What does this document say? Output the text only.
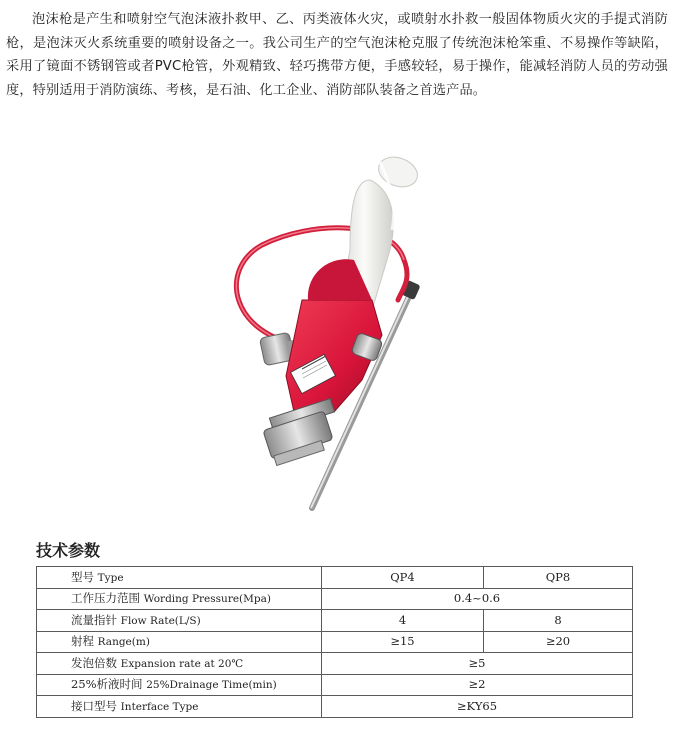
泡沫枪是产生和喷射空气泡沫液扑救甲、乙、丙类液体火灾，或喷射水扑救一般固体物质火灾的手提式消防枪，是泡沫灭火系统重要的喷射设备之一。我公司生产的空气泡沫枪克服了传统泡沫枪笨重、不易操作等缺陷，采用了镜面不锈钢管或者PVC枪管，外观精致、轻巧携带方便，手感较轻，易于操作，能减轻消防人员的劳动强度，特别适用于消防演练、考核，是石油、化工企业、消防部队装备之首选产品。

技术参数
型号 Type	QP4	QP8
工作压力范围 Wording Pressure(Mpa)	0.4~0.6	
流量指针 Flow Rate(L/S)	4	8
射程 Range(m)	≥15	≥20
发泡倍数 Expansion rate at 20℃	≥5	
25%析液时间 25%Drainage Time(min)	≥2	
接口型号 Interface Type	≥KY65	
